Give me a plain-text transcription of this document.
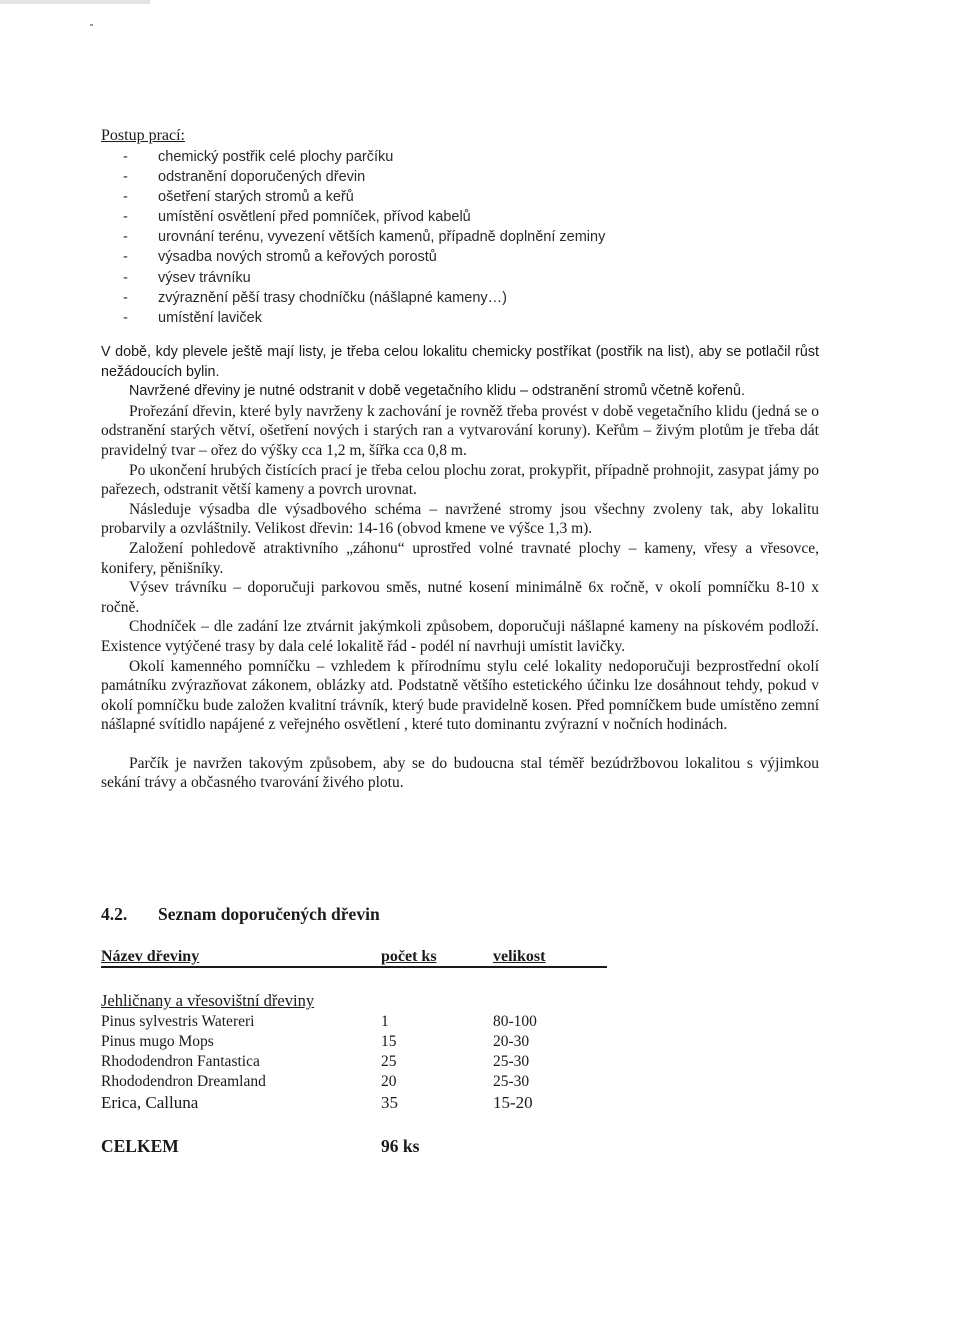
Postup prací:
- chemický postřik celé plochy parčíku
- odstranění doporučených dřevin
- ošetření starých stromů a keřů
- umístění osvětlení před pomníček, přívod kabelů
- urovnání terénu, vyvezení větších kamenů, případně doplnění zeminy
- výsadba nových stromů a keřových porostů
- výsev trávníku
- zvýraznění pěší trasy chodníčku (nášlapné kameny…)
- umístění laviček

V době, kdy plevele ještě mají listy, je třeba celou lokalitu chemicky postříkat (postřik na list), aby se potlačil růst nežádoucích bylin.

Navržené dřeviny je nutné odstranit v době vegetačního klidu – odstranění stromů včetně kořenů.

Prořezání dřevin, které byly navrženy k zachování je rovněž třeba provést v době vegetačního klidu (jedná se o odstranění starých větví, ošetření nových i starých ran a vytvarování koruny). Keřům – živým plotům je třeba dát pravidelný tvar – ořez do výšky cca 1,2 m, šířka cca 0,8 m.

Po ukončení hrubých čistících prací je třeba celou plochu zorat, prokypřit, případně prohnojit, zasypat jámy po pařezech, odstranit větší kameny a povrch urovnat.

Následuje výsadba dle výsadbového schéma – navržené stromy jsou všechny zvoleny tak, aby lokalitu probarvily a ozvláštnily. Velikost dřevin: 14-16 (obvod kmene ve výšce 1,3 m).

Založení pohledově atraktivního „záhonu“ uprostřed volné travnaté plochy – kameny, vřesy a vřesovce, konifery, pěnišníky.

Výsev trávníku – doporučuji parkovou směs, nutné kosení minimálně 6x ročně, v okolí pomníčku 8-10 x ročně.

Chodníček – dle zadání lze ztvárnit jakýmkoli způsobem, doporučuji nášlapné kameny na pískovém podloží. Existence vytýčené trasy by dala celé lokalitě řád - podél ní navrhuji umístit lavičky.

Okolí kamenného pomníčku – vzhledem k přírodnímu stylu celé lokality nedoporučuji bezprostřední okolí památníku zvýrazňovat zákonem, oblázky atd. Podstatně většího estetického účinku lze dosáhnout tehdy, pokud v okolí pomníčku bude založen kvalitní trávník, který bude pravidelně kosen. Před pomníčkem bude umístěno zemní nášlapné svítidlo napájené z veřejného osvětlení , které tuto dominantu zvýrazní v nočních hodinách.

Parčík je navržen takovým způsobem, aby se do budoucna stal téměř bezúdržbovou lokalitou s výjimkou sekání trávy a občasného tvarování živého plotu.

4.2. Seznam doporučených dřevin
Název dřeviny	počet ks	velikost
Jehličnany a vřesovištní dřeviny
Pinus sylvestris Watereri	1	80-100
Pinus mugo Mops	15	20-30
Rhododendron Fantastica	25	25-30
Rhododendron Dreamland	20	25-30
Erica, Calluna	35	15-20
CELKEM	96 ks
